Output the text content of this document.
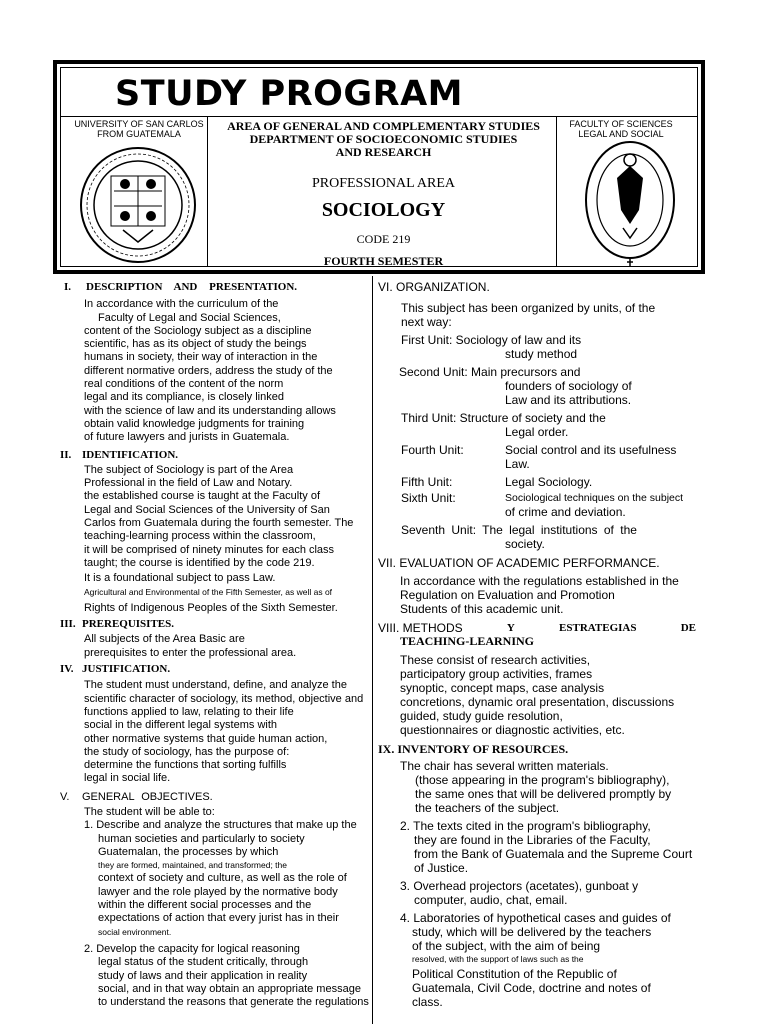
STUDY PROGRAM
UNIVERSITY OF SAN CARLOS FROM GUATEMALA
AREA OF GENERAL AND COMPLEMENTARY STUDIES
DEPARTMENT OF SOCIOECONOMIC STUDIES
AND RESEARCH
PROFESSIONAL AREA
SOCIOLOGY
CODE 219
FOURTH SEMESTER
FACULTY OF SCIENCES LEGAL AND SOCIAL
I. DESCRIPTION AND PRESENTATION.
In accordance with the curriculum of the
Faculty of Legal and Social Sciences,
content of the Sociology subject as a discipline
scientific, has as its object of study the beings
humans in society, their way of interaction in the
different normative orders, address the study of the
real conditions of the content of the norm
legal and its compliance, is closely linked
with the science of law and its understanding allows
obtain valid knowledge judgments for training
of future lawyers and jurists in Guatemala.
II. IDENTIFICATION.
The subject of Sociology is part of the Area
Professional in the field of Law and Notary.
the established course is taught at the Faculty of
Legal and Social Sciences of the University of San
Carlos from Guatemala during the fourth semester. The
teaching-learning process within the classroom,
it will be comprised of ninety minutes for each class
taught; the course is identified by the code 219.
It is a foundational subject to pass Law.
Agricultural and Environmental of the Fifth Semester, as well as of
Rights of Indigenous Peoples of the Sixth Semester.
III. PREREQUISITES.
All subjects of the Area Basic are
prerequisites to enter the professional area.
IV. JUSTIFICATION.
The student must understand, define, and analyze the
scientific character of sociology, its method, objective and
functions applied to law, relating to their life
social in the different legal systems with
other normative systems that guide human action,
the study of sociology, has the purpose of:
determine the functions that sorting fulfills
legal in social life.
V. GENERAL OBJECTIVES.
The student will be able to:
1. Describe and analyze the structures that make up the
human societies and particularly to society
Guatemalan, the processes by which
they are formed, maintained, and transformed; the
context of society and culture, as well as the role of
lawyer and the role played by the normative body
within the different social processes and the
expectations of action that every jurist has in their
social environment.
2. Develop the capacity for logical reasoning
legal status of the student critically, through
study of laws and their application in reality
social, and in that way obtain an appropriate message
to understand the reasons that generate the regulations
VI. ORGANIZATION.
This subject has been organized by units, of the
next way:
First Unit: Sociology of law and its
study method
Second Unit: Main precursors and
founders of sociology of
Law and its attributions.
Third Unit: Structure of society and the
Legal order.
Fourth Unit:	Social control and its usefulness
Law.
Fifth Unit:	Legal Sociology.
Sixth Unit:	Sociological techniques on the subject
of crime and deviation.
Seventh Unit: The legal institutions of the
society.
VII. EVALUATION OF ACADEMIC PERFORMANCE.
In accordance with the regulations established in the
Regulation on Evaluation and Promotion
Students of this academic unit.
VIII. METHODS	Y	ESTRATEGIAS	DE
TEACHING-LEARNING
These consist of research activities,
participatory group activities, frames
synoptic, concept maps, case analysis
concretions, dynamic oral presentation, discussions
guided, study guide resolution,
questionnaires or diagnostic activities, etc.
IX. INVENTORY OF RESOURCES.
The chair has several written materials.
(those appearing in the program's bibliography),
the same ones that will be delivered promptly by
the teachers of the subject.
2. The texts cited in the program's bibliography,
they are found in the Libraries of the Faculty,
from the Bank of Guatemala and the Supreme Court
of Justice.
3. Overhead projectors (acetates), gunboat y
computer, audio, chat, email.
4. Laboratories of hypothetical cases and guides of
study, which will be delivered by the teachers
of the subject, with the aim of being
resolved, with the support of laws such as the
Political Constitution of the Republic of
Guatemala, Civil Code, doctrine and notes of
class.
